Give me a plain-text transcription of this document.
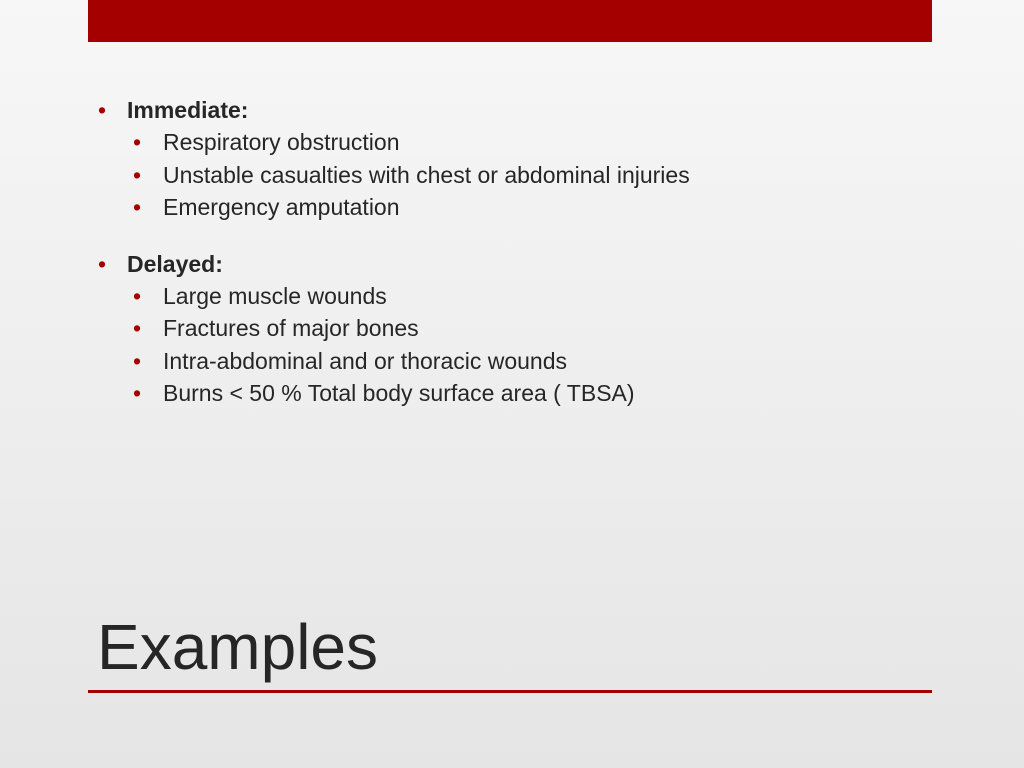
• Immediate:
• Respiratory obstruction
• Unstable casualties with chest or abdominal injuries
• Emergency amputation
• Delayed:
• Large muscle wounds
• Fractures of major bones
• Intra-abdominal and or thoracic wounds
• Burns < 50 % Total body surface area ( TBSA)
Examples
